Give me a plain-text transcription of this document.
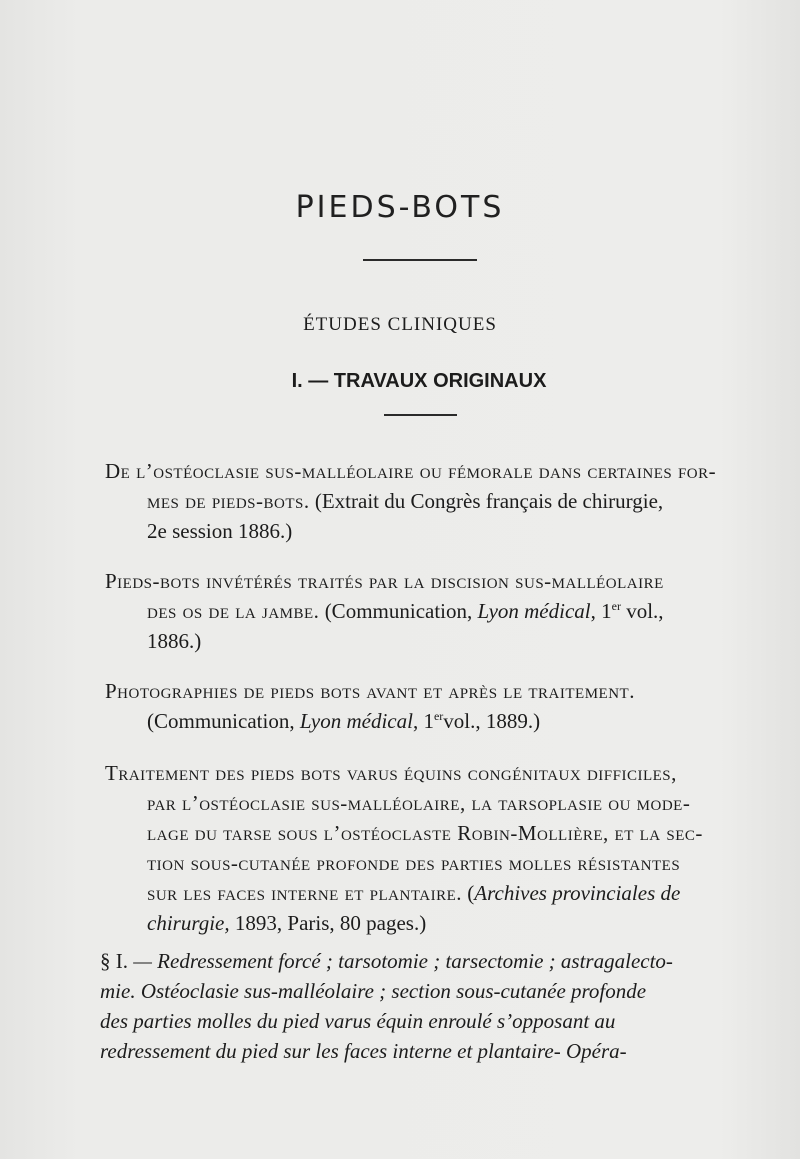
PIEDS-BOTS
ÉTUDES CLINIQUES
I. — TRAVAUX ORIGINAUX
De l’ostéoclasie sus-malléolaire ou fémorale dans certaines for-
mes de pieds-bots. (Extrait du Congrès français de chirurgie,
2e session 1886.)
Pieds-bots invétérés traités par la discision sus-malléolaire
des os de la jambe. (Communication, Lyon médical, 1er vol.,
1886.)
Photographies de pieds bots avant et après le traitement.
(Communication, Lyon médical, 1ervol., 1889.)
Traitement des pieds bots varus équins congénitaux difficiles,
par l’ostéoclasie sus-malléolaire, la tarsoplasie ou mode-
lage du tarse sous l’ostéoclaste Robin-Mollière, et la sec-
tion sous-cutanée profonde des parties molles résistantes
sur les faces interne et plantaire. (Archives provinciales de
chirurgie, 1893, Paris, 80 pages.)
§ I. — Redressement forcé ; tarsotomie ; tarsectomie ; astragalecto-
mie. Ostéoclasie sus-malléolaire ; section sous-cutanée profonde
des parties molles du pied varus équin enroulé s’opposant au
redressement du pied sur les faces interne et plantaire- Opéra-
